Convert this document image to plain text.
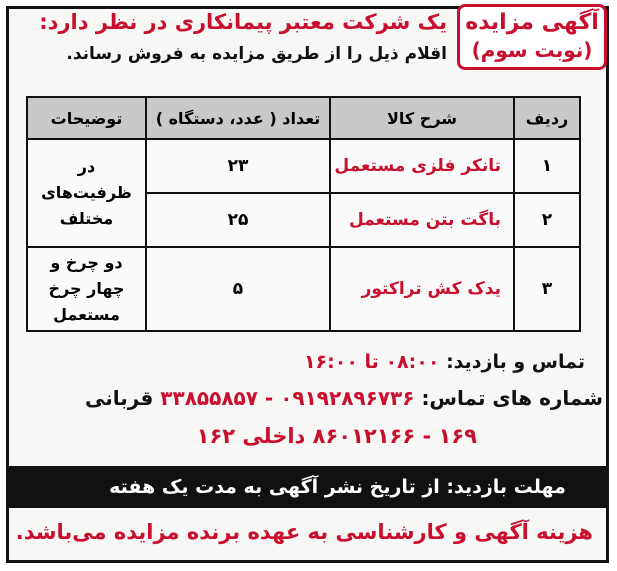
آگهی مزایده
(نوبت سوم)
یک شرکت معتبر پیمانکاری در نظر دارد:
اقلام ذیل را از طریق مزایده به فروش رساند.
ردیف	شرح کالا	تعداد ( عدد، دستگاه )	توضیحات
۱	تانکر فلزی مستعمل	۲۳	در ظرفیت‌های مختلف
۲	باگت بتن مستعمل	۲۵	
۳	یدک کش تراکتور	۵	دو چرخ و چهار چرخ مستعمل
تماس و بازدید: ۰۸:۰۰ تا ۱۶:۰۰
شماره های تماس: ۰۹۱۹۲۸۹۶۷۳۶ - ۳۳۸۵۵۸۵۷ قربانی
۱۶۹ - ۸۶۰۱۲۱۶۶ داخلی ۱۶۲
مهلت بازدید: از تاریخ نشر آگهی به مدت یک هفته
هزینه آگهی و کارشناسی به عهده برنده مزایده می‌باشد.
